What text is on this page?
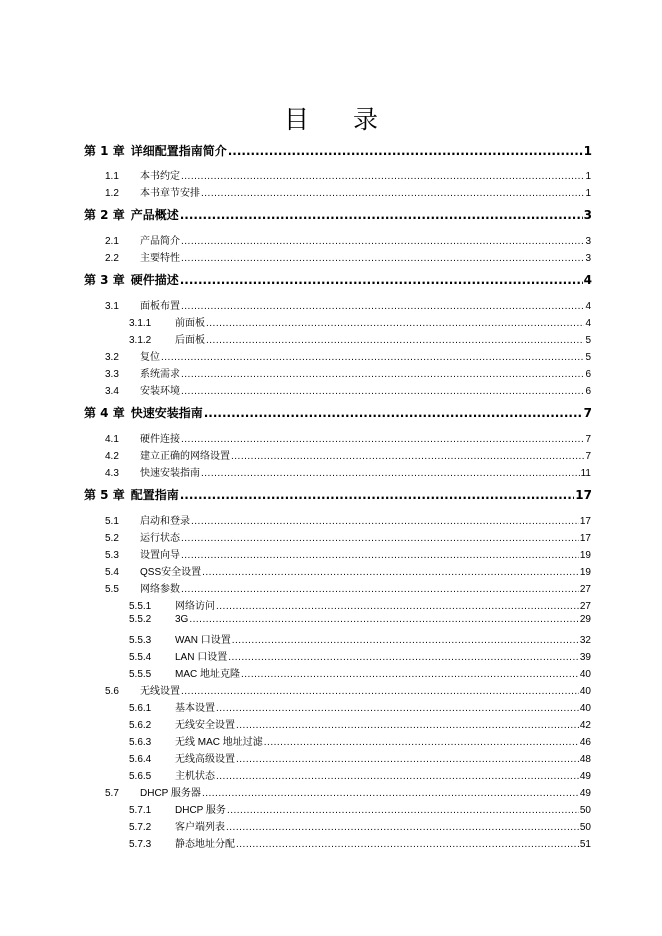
目 录
第 1 章 详细配置指南简介 .....	1
1.1	本书约定 .....	1
1.2	本书章节安排 .....	1
第 2 章 产品概述 .....	3
2.1	产品简介 .....	3
2.2	主要特性 .....	3
第 3 章 硬件描述 .....	4
3.1	面板布置 .....	4
3.1.1	前面板 .....	4
3.1.2	后面板 .....	5
3.2	复位 .....	5
3.3	系统需求 .....	6
3.4	安装环境 .....	6
第 4 章 快速安装指南 .....	7
4.1	硬件连接 .....	7
4.2	建立正确的网络设置 .....	7
4.3	快速安装指南 .....	11
第 5 章 配置指南 .....	17
5.1	启动和登录 .....	17
5.2	运行状态 .....	17
5.3	设置向导 .....	19
5.4	QSS安全设置 .....	19
5.5	网络参数 .....	27
5.5.1	网络访问 .....	27
5.5.2	3G .....	29
5.5.3	WAN 口设置 .....	32
5.5.4	LAN 口设置 .....	39
5.5.5	MAC 地址克隆 .....	40
5.6	无线设置 .....	40
5.6.1	基本设置 .....	40
5.6.2	无线安全设置 .....	42
5.6.3	无线 MAC 地址过滤 .....	46
5.6.4	无线高级设置 .....	48
5.6.5	主机状态 .....	49
5.7	DHCP 服务器 .....	49
5.7.1	DHCP 服务 .....	50
5.7.2	客户端列表 .....	50
5.7.3	静态地址分配 .....	51
